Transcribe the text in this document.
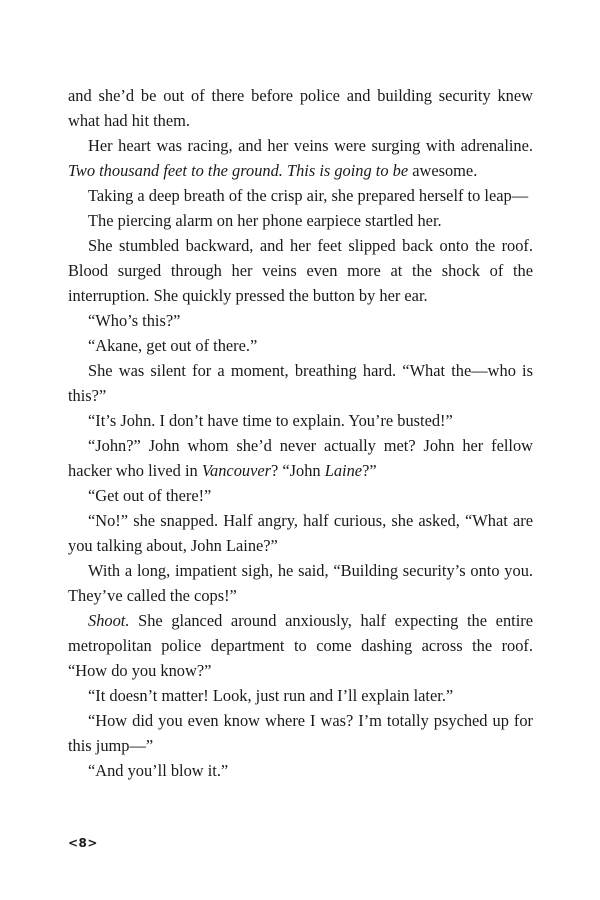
and she’d be out of there before police and building security knew what had hit them.

Her heart was racing, and her veins were surging with adrenaline. Two thousand feet to the ground. This is going to be awesome.

Taking a deep breath of the crisp air, she prepared herself to leap—

The piercing alarm on her phone earpiece startled her.

She stumbled backward, and her feet slipped back onto the roof. Blood surged through her veins even more at the shock of the interruption. She quickly pressed the button by her ear.

“Who’s this?”

“Akane, get out of there.”

She was silent for a moment, breathing hard. “What the—who is this?”

“It’s John. I don’t have time to explain. You’re busted!”

“John?” John whom she’d never actually met? John her fellow hacker who lived in Vancouver? “John Laine?”

“Get out of there!”

“No!” she snapped. Half angry, half curious, she asked, “What are you talking about, John Laine?”

With a long, impatient sigh, he said, “Building security’s onto you. They’ve called the cops!”

Shoot. She glanced around anxiously, half expecting the entire metropolitan police department to come dashing across the roof. “How do you know?”

“It doesn’t matter! Look, just run and I’ll explain later.”

“How did you even know where I was? I’m totally psyched up for this jump—”

“And you’ll blow it.”

<8>
